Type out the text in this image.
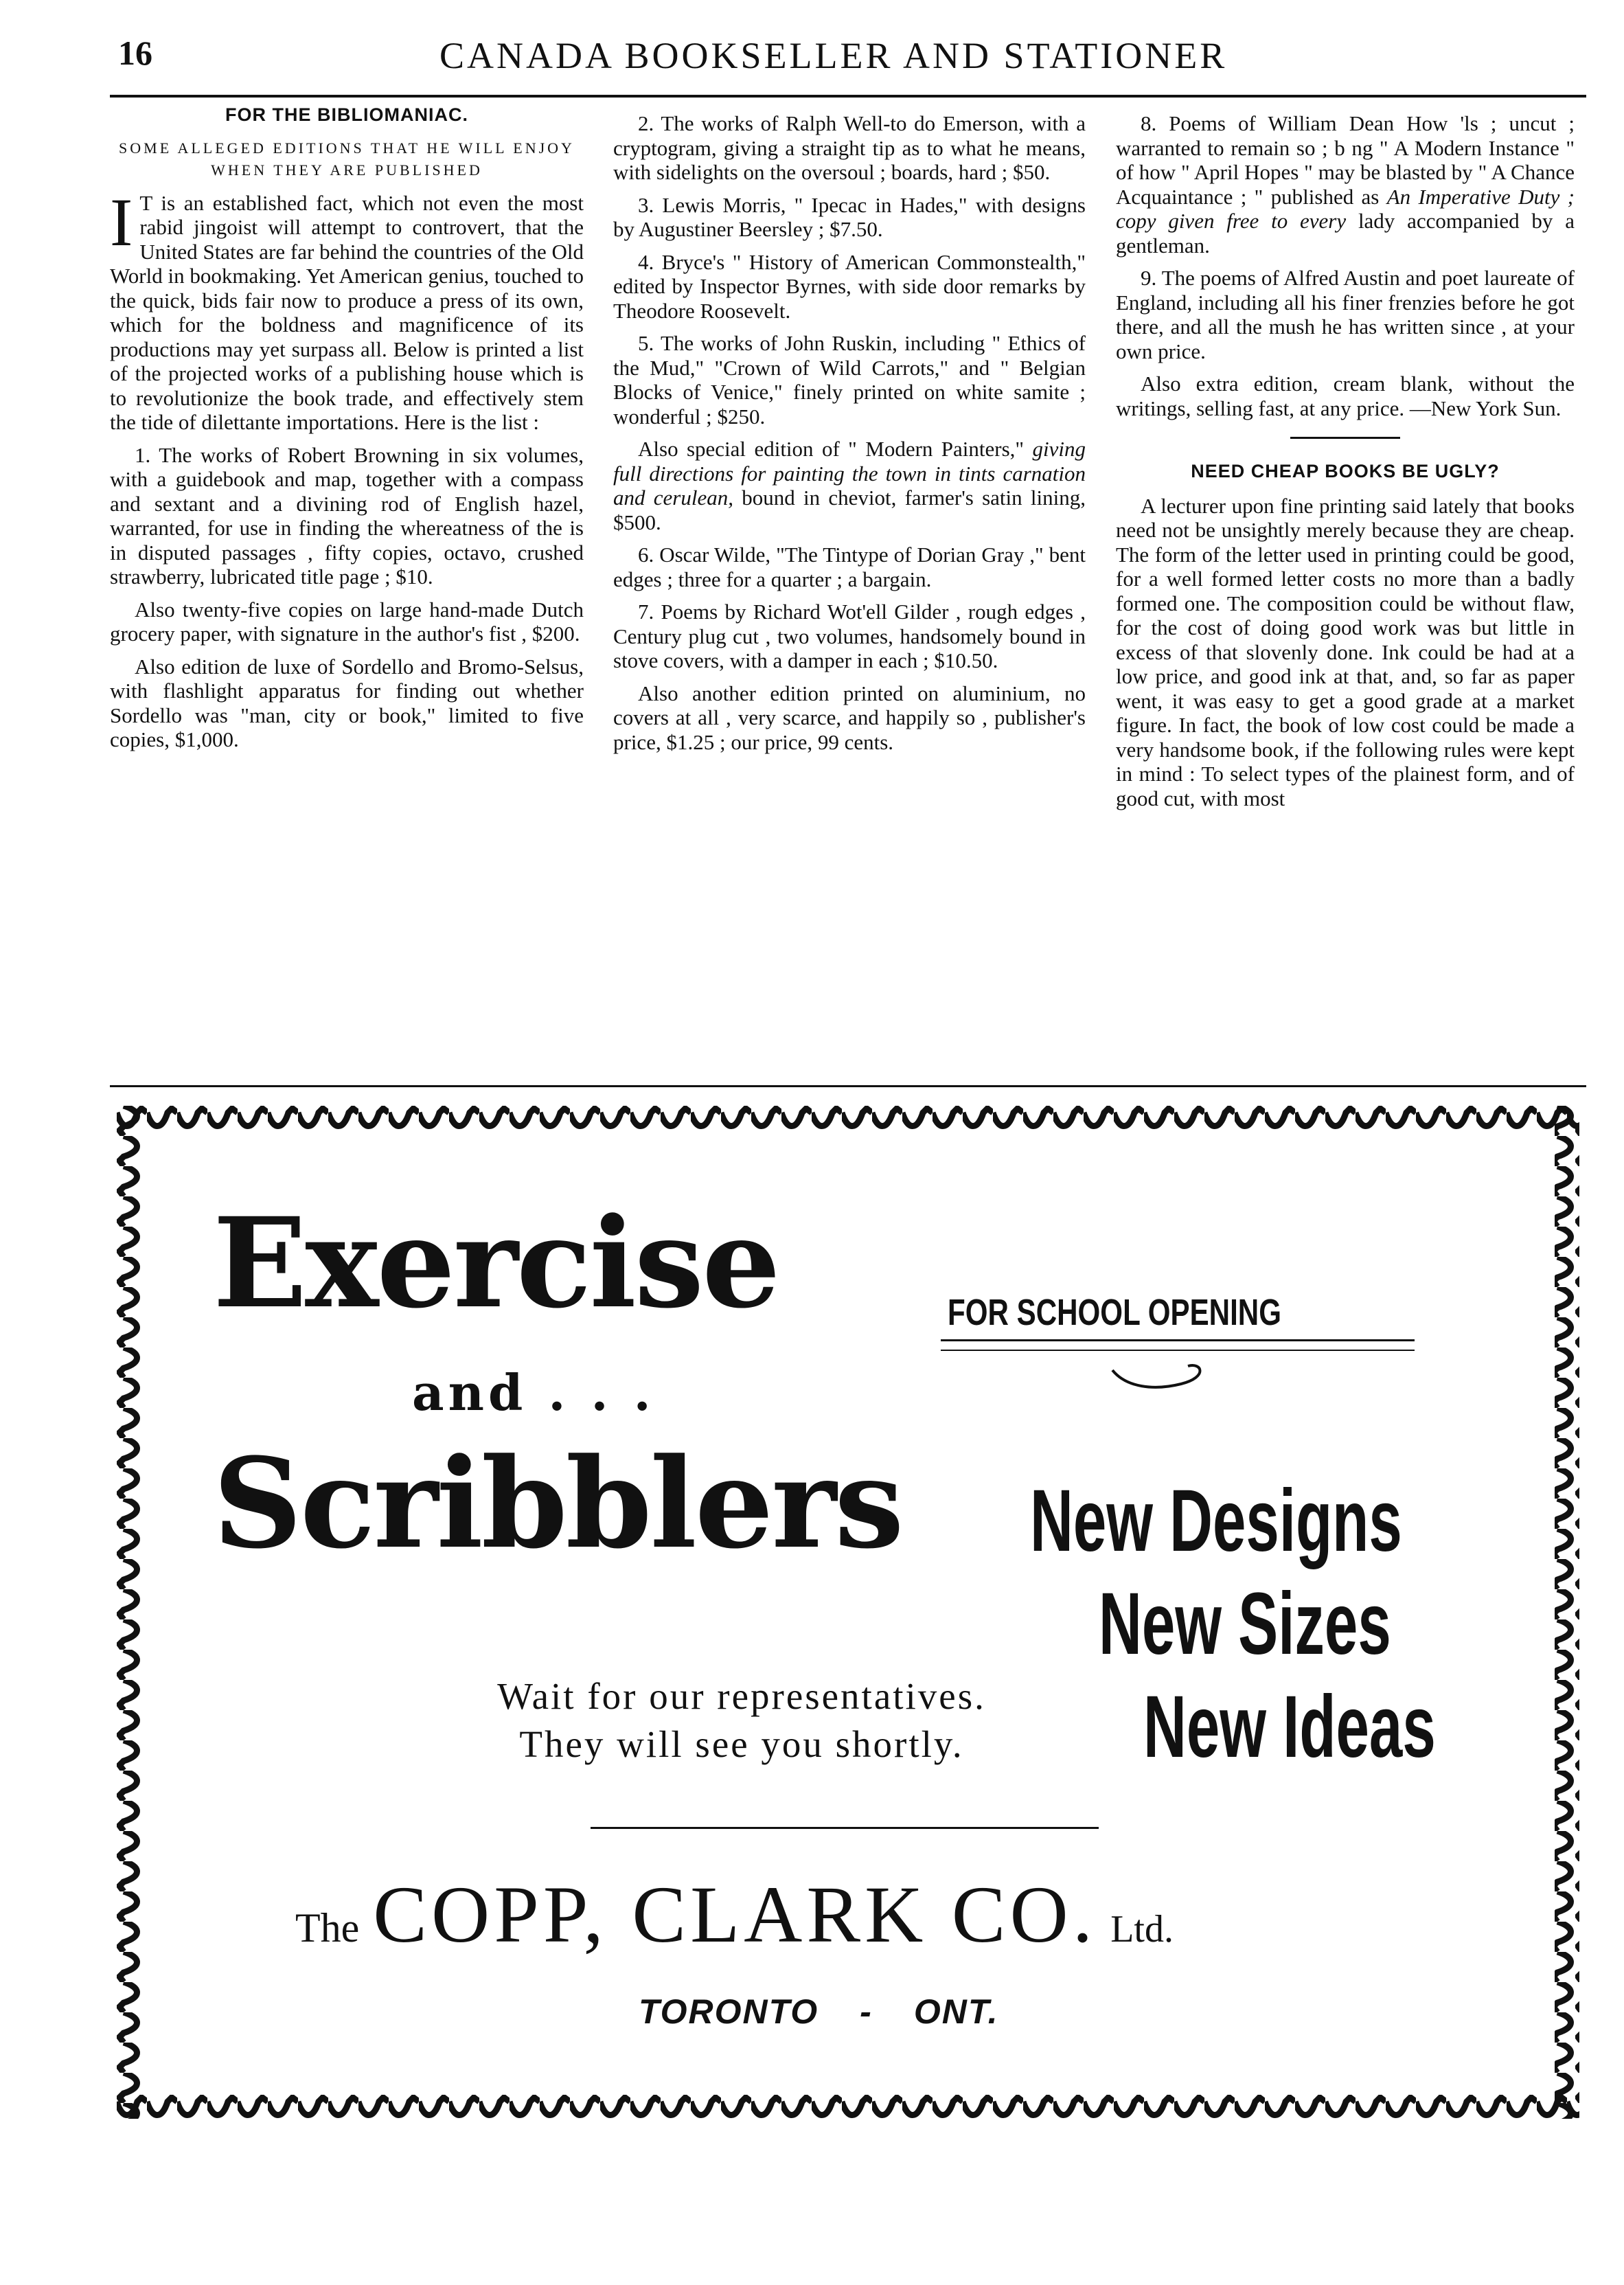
16	CANADA BOOKSELLER AND STATIONER
FOR THE BIBLIOMANIAC.
SOME ALLEGED EDITIONS THAT HE WILL ENJOY WHEN THEY ARE PUBLISHED

I T is an established fact, which not even the most rabid jingoist will attempt to controvert, that the United States are far behind the countries of the Old World in bookmaking. Yet American genius, touched to the quick, bids fair now to produce a press of its own, which for the boldness and magnificence of its productions may yet surpass all. Below is printed a list of the projected works of a publishing house which is to revolutionize the book trade, and effectively stem the tide of dilettante importations. Here is the list :

1. The works of Robert Browning in six volumes, with a guidebook and map, together with a compass and sextant and a divining rod of English hazel, warranted, for use in finding the whereatness of the is in disputed passages , fifty copies, octavo, crushed strawberry, lubricated title page ; $10.

Also twenty-five copies on large hand-made Dutch grocery paper, with signature in the author's fist , $200.

Also edition de luxe of Sordello and Bromo-Selsus, with flashlight apparatus for finding out whether Sordello was "man, city or book," limited to five copies, $1,000.

2. The works of Ralph Well-to do Emerson, with a cryptogram, giving a straight tip as to what he means, with sidelights on the oversoul ; boards, hard ; $50.

3. Lewis Morris, " Ipecac in Hades," with designs by Augustiner Beersley ; $7.50.

4. Bryce's " History of American Commonstealth," edited by Inspector Byrnes, with side door remarks by Theodore Roosevelt.

5. The works of John Ruskin, including " Ethics of the Mud," "Crown of Wild Carrots," and " Belgian Blocks of Venice," finely printed on white samite ; wonderful ; $250.

Also special edition of " Modern Painters," giving full directions for painting the town in tints carnation and cerulean, bound in cheviot, farmer's satin lining, $500.

6. Oscar Wilde, "The Tintype of Dorian Gray ," bent edges ; three for a quarter ; a bargain.

7. Poems by Richard Wot'ell Gilder , rough edges , Century plug cut , two volumes, handsomely bound in stove covers, with a damper in each ; $10.50.

Also another edition printed on aluminium, no covers at all , very scarce, and happily so , publisher's price, $1.25 ; our price, 99 cents.

8. Poems of William Dean How 'ls ; uncut ; warranted to remain so ; b ng " A Modern Instance " of how " April Hopes " may be blasted by " A Chance Acquaintance ; " published as An Imperative Duty ; copy given free to every lady accompanied by a gentleman.

9. The poems of Alfred Austin and poet laureate of England, including all his finer frenzies before he got there, and all the mush he has written since , at your own price.

Also extra edition, cream blank, without the writings, selling fast, at any price. —New York Sun.

NEED CHEAP BOOKS BE UGLY?

A lecturer upon fine printing said lately that books need not be unsightly merely because they are cheap. The form of the letter used in printing could be good, for a well formed letter costs no more than a badly formed one. The composition could be without flaw, for the cost of doing good work was but little in excess of that slovenly done. Ink could be had at a low price, and good ink at that, and, so far as paper went, it was easy to get a good grade at a market figure. In fact, the book of low cost could be made a very handsome book, if the following rules were kept in mind : To select types of the plainest form, and of good cut, with most

Exercise
and . . .
Scribblers
FOR SCHOOL OPENING
New Designs
New Sizes
New Ideas
Wait for our representatives.
They will see you shortly.
The COPP, CLARK CO. Ltd.
TORONTO - ONT.
